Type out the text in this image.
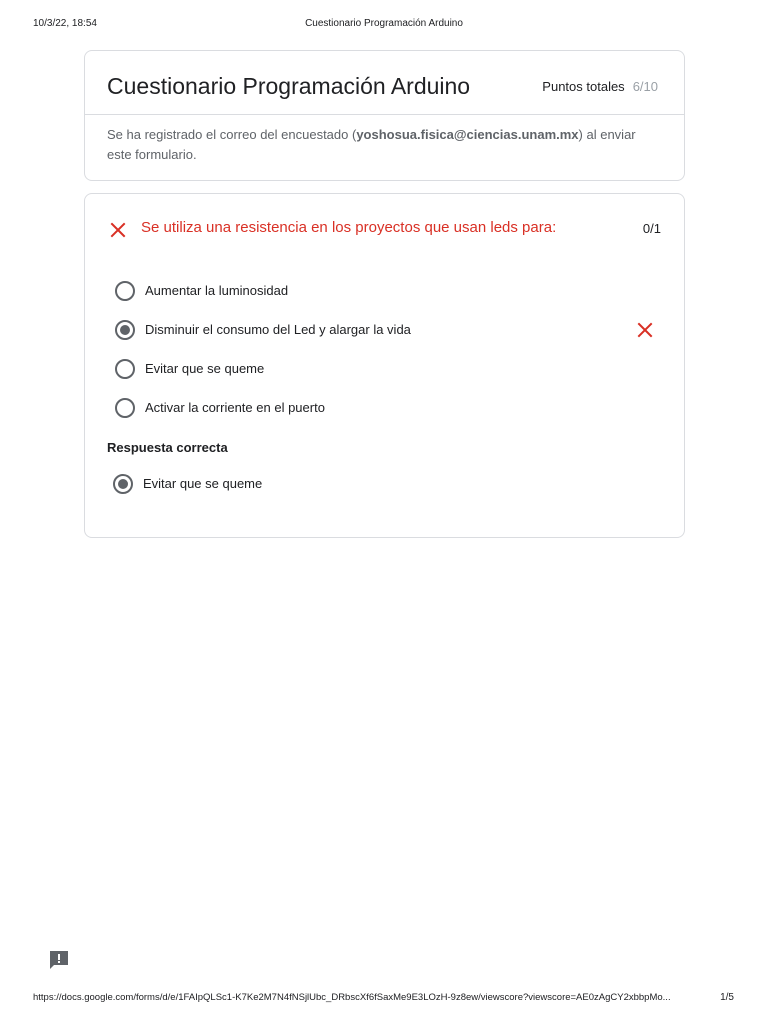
10/3/22, 18:54	Cuestionario Programación Arduino
Cuestionario Programación Arduino	Puntos totales 6/10
Se ha registrado el correo del encuestado (yoshosua.fisica@ciencias.unam.mx) al enviar este formulario.
Se utiliza una resistencia en los proyectos que usan leds para:	0/1
Aumentar la luminosidad
Disminuir el consumo del Led y alargar la vida
Evitar que se queme
Activar la corriente en el puerto
Respuesta correcta
Evitar que se queme
https://docs.google.com/forms/d/e/1FAIpQLSc1-K7Ke2M7N4fNSjlUbc_DRbscXf6fSaxMe9E3LOzH-9z8ew/viewscore?viewscore=AE0zAgCY2xbbpMo...	1/5
